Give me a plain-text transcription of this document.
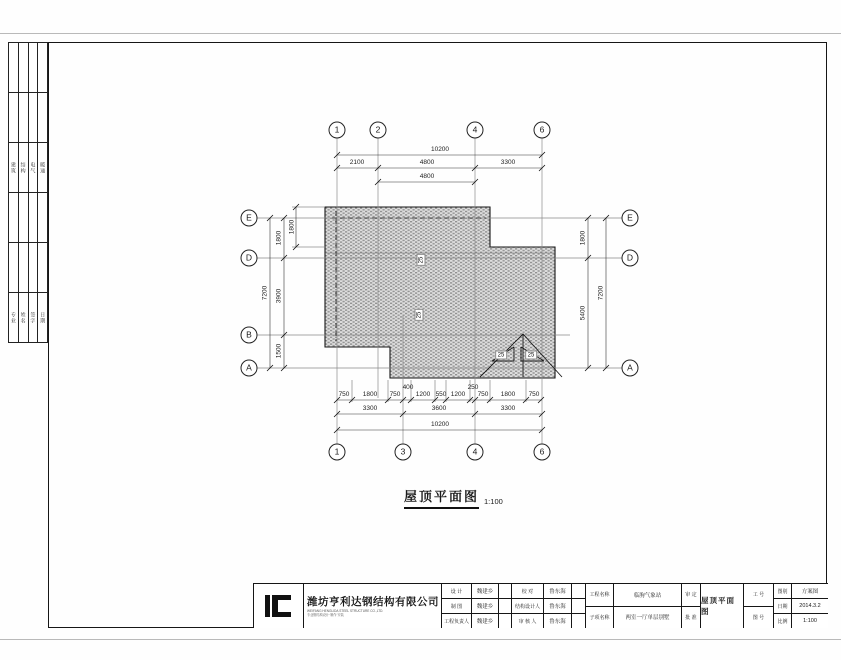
1	2	4	6
1	3	4	6
E
D
B
A
E
D
A
10200
2100	4800	3300
4800
7200
1800
3900
1500
1800
1800
5400
7200
750 1800 750
400
1200 550 1200
250
750 1800 750
3300	3600	3300
10200
25
25
25	25
屋顶平面图 1:100
建筑
专业
结构
姓名
电气
签字
暖通
日期
潍坊亨利达钢结构有限公司
WEIFANG HENGLIDA STEEL STRUCTURE CO.,LTD.
专业钢结构设计·制作·安装
设 计	魏建乡
制 图	魏建乡
工程负责人	魏建乡
校 对	鲁东海
结构设计人	鲁东海
审 核 人	鲁东海
工程名称	临朐气象站
子项名称	两室一厅单层别墅
审 定
批 准
屋顶平面图
工 号
图 号
图别	方案图
日期	2014.3.2
比例	1:100
